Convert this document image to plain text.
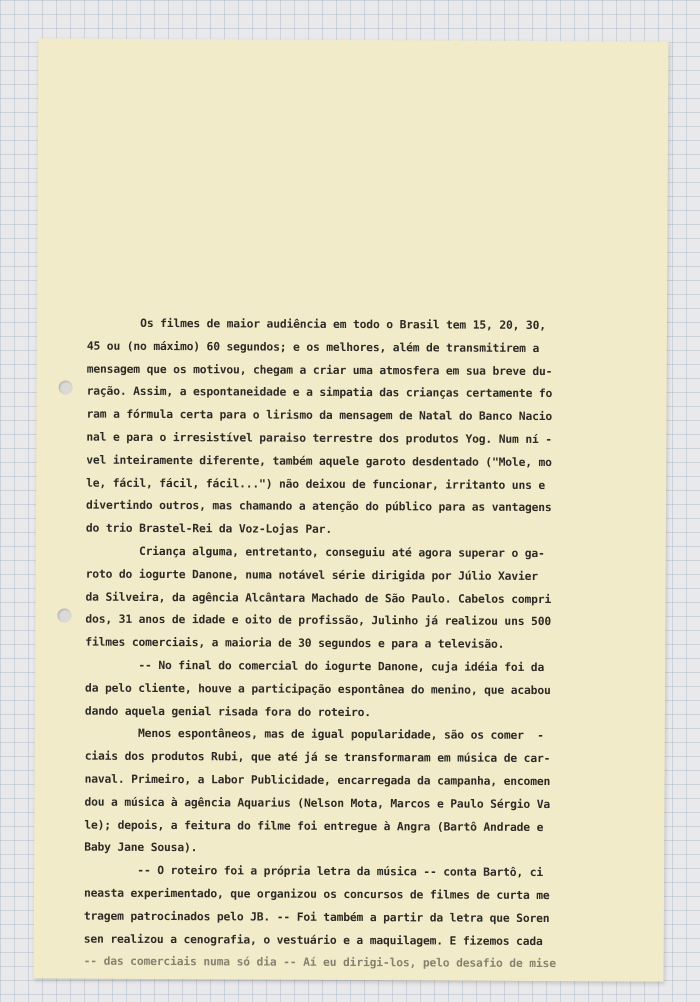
Os filmes de maior audiência em todo o Brasil tem 15, 20, 30,
45 ou (no máximo) 60 segundos; e os melhores, além de transmitirem a
mensagem que os motivou, chegam a criar uma atmosfera em sua breve du-
ração. Assim, a espontaneidade e a simpatia das crianças certamente fo
ram a fórmula certa para o lirismo da mensagem de Natal do Banco Nacio
nal e para o irresistível paraiso terrestre dos produtos Yog. Num ní -
vel inteiramente diferente, também aquele garoto desdentado ("Mole, mo
le, fácil, fácil, fácil...") não deixou de funcionar, irritanto uns e
divertindo outros, mas chamando a atenção do público para as vantagens
do trio Brastel-Rei da Voz-Lojas Par.
Criança alguma, entretanto, conseguiu até agora superar o ga-
roto do iogurte Danone, numa notável série dirigida por Júlio Xavier
da Silveira, da agência Alcântara Machado de São Paulo. Cabelos compri
dos, 31 anos de idade e oito de profissão, Julinho já realizou uns 500
filmes comerciais, a maioria de 30 segundos e para a televisão.
-- No final do comercial do iogurte Danone, cuja idéia foi da
da pelo cliente, houve a participação espontânea do menino, que acabou
dando aquela genial risada fora do roteiro.
Menos espontâneos, mas de igual popularidade, são os comer  -
ciais dos produtos Rubi, que até já se transformaram em música de car-
naval. Primeiro, a Labor Publicidade, encarregada da campanha, encomen
dou a música à agência Aquarius (Nelson Mota, Marcos e Paulo Sérgio Va
le); depois, a feitura do filme foi entregue à Angra (Bartô Andrade e
Baby Jane Sousa).
-- O roteiro foi a própria letra da música -- conta Bartô, ci
neasta experimentado, que organizou os concursos de filmes de curta me
tragem patrocinados pelo JB. -- Foi também a partir da letra que Soren
sen realizou a cenografia, o vestuário e a maquilagem. E fizemos cada
-- das comerciais numa só dia -- Aí eu dirigi-los, pelo desafio de mise
